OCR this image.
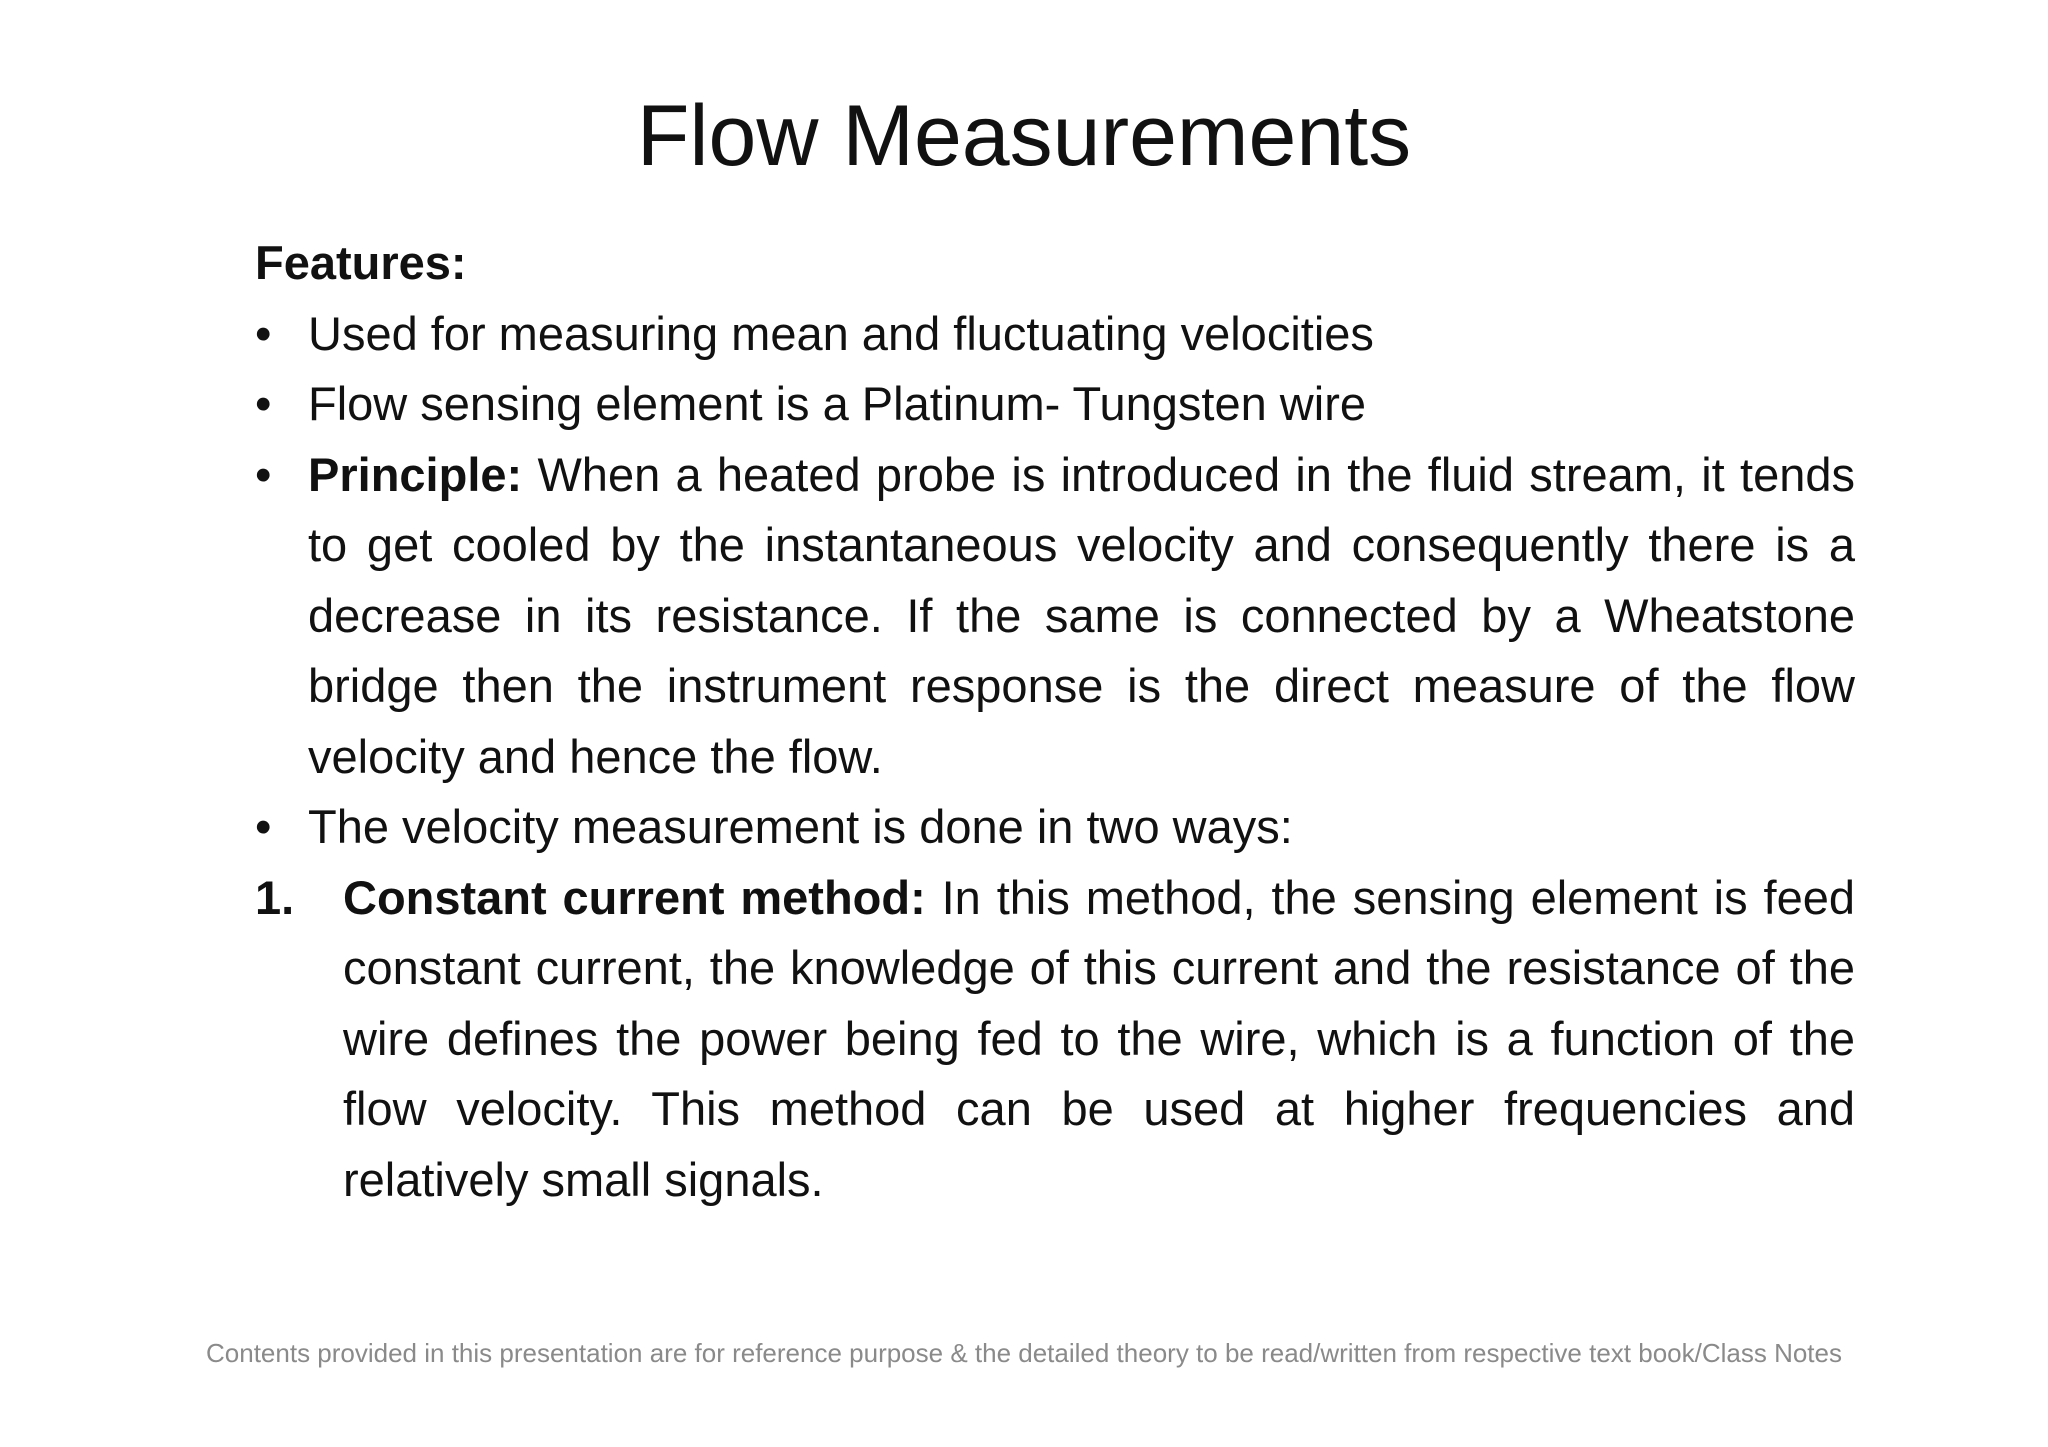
Flow Measurements

Features:

• Used for measuring mean and fluctuating velocities

• Flow sensing element is a Platinum- Tungsten wire

• Principle: When a heated probe is introduced in the fluid stream, it tends to get cooled by the instantaneous velocity and consequently there is a decrease in its resistance. If the same is connected by a Wheatstone bridge then the instrument response is the direct measure of the flow velocity and hence the flow.

• The velocity measurement is done in two ways:

1. Constant current method: In this method, the sensing element is feed constant current, the knowledge of this current and the resistance of the wire defines the power being fed to the wire, which is a function of the flow velocity. This method can be used at higher frequencies and relatively small signals.

Contents provided in this presentation are for reference purpose & the detailed theory to be read/written from respective text book/Class Notes
